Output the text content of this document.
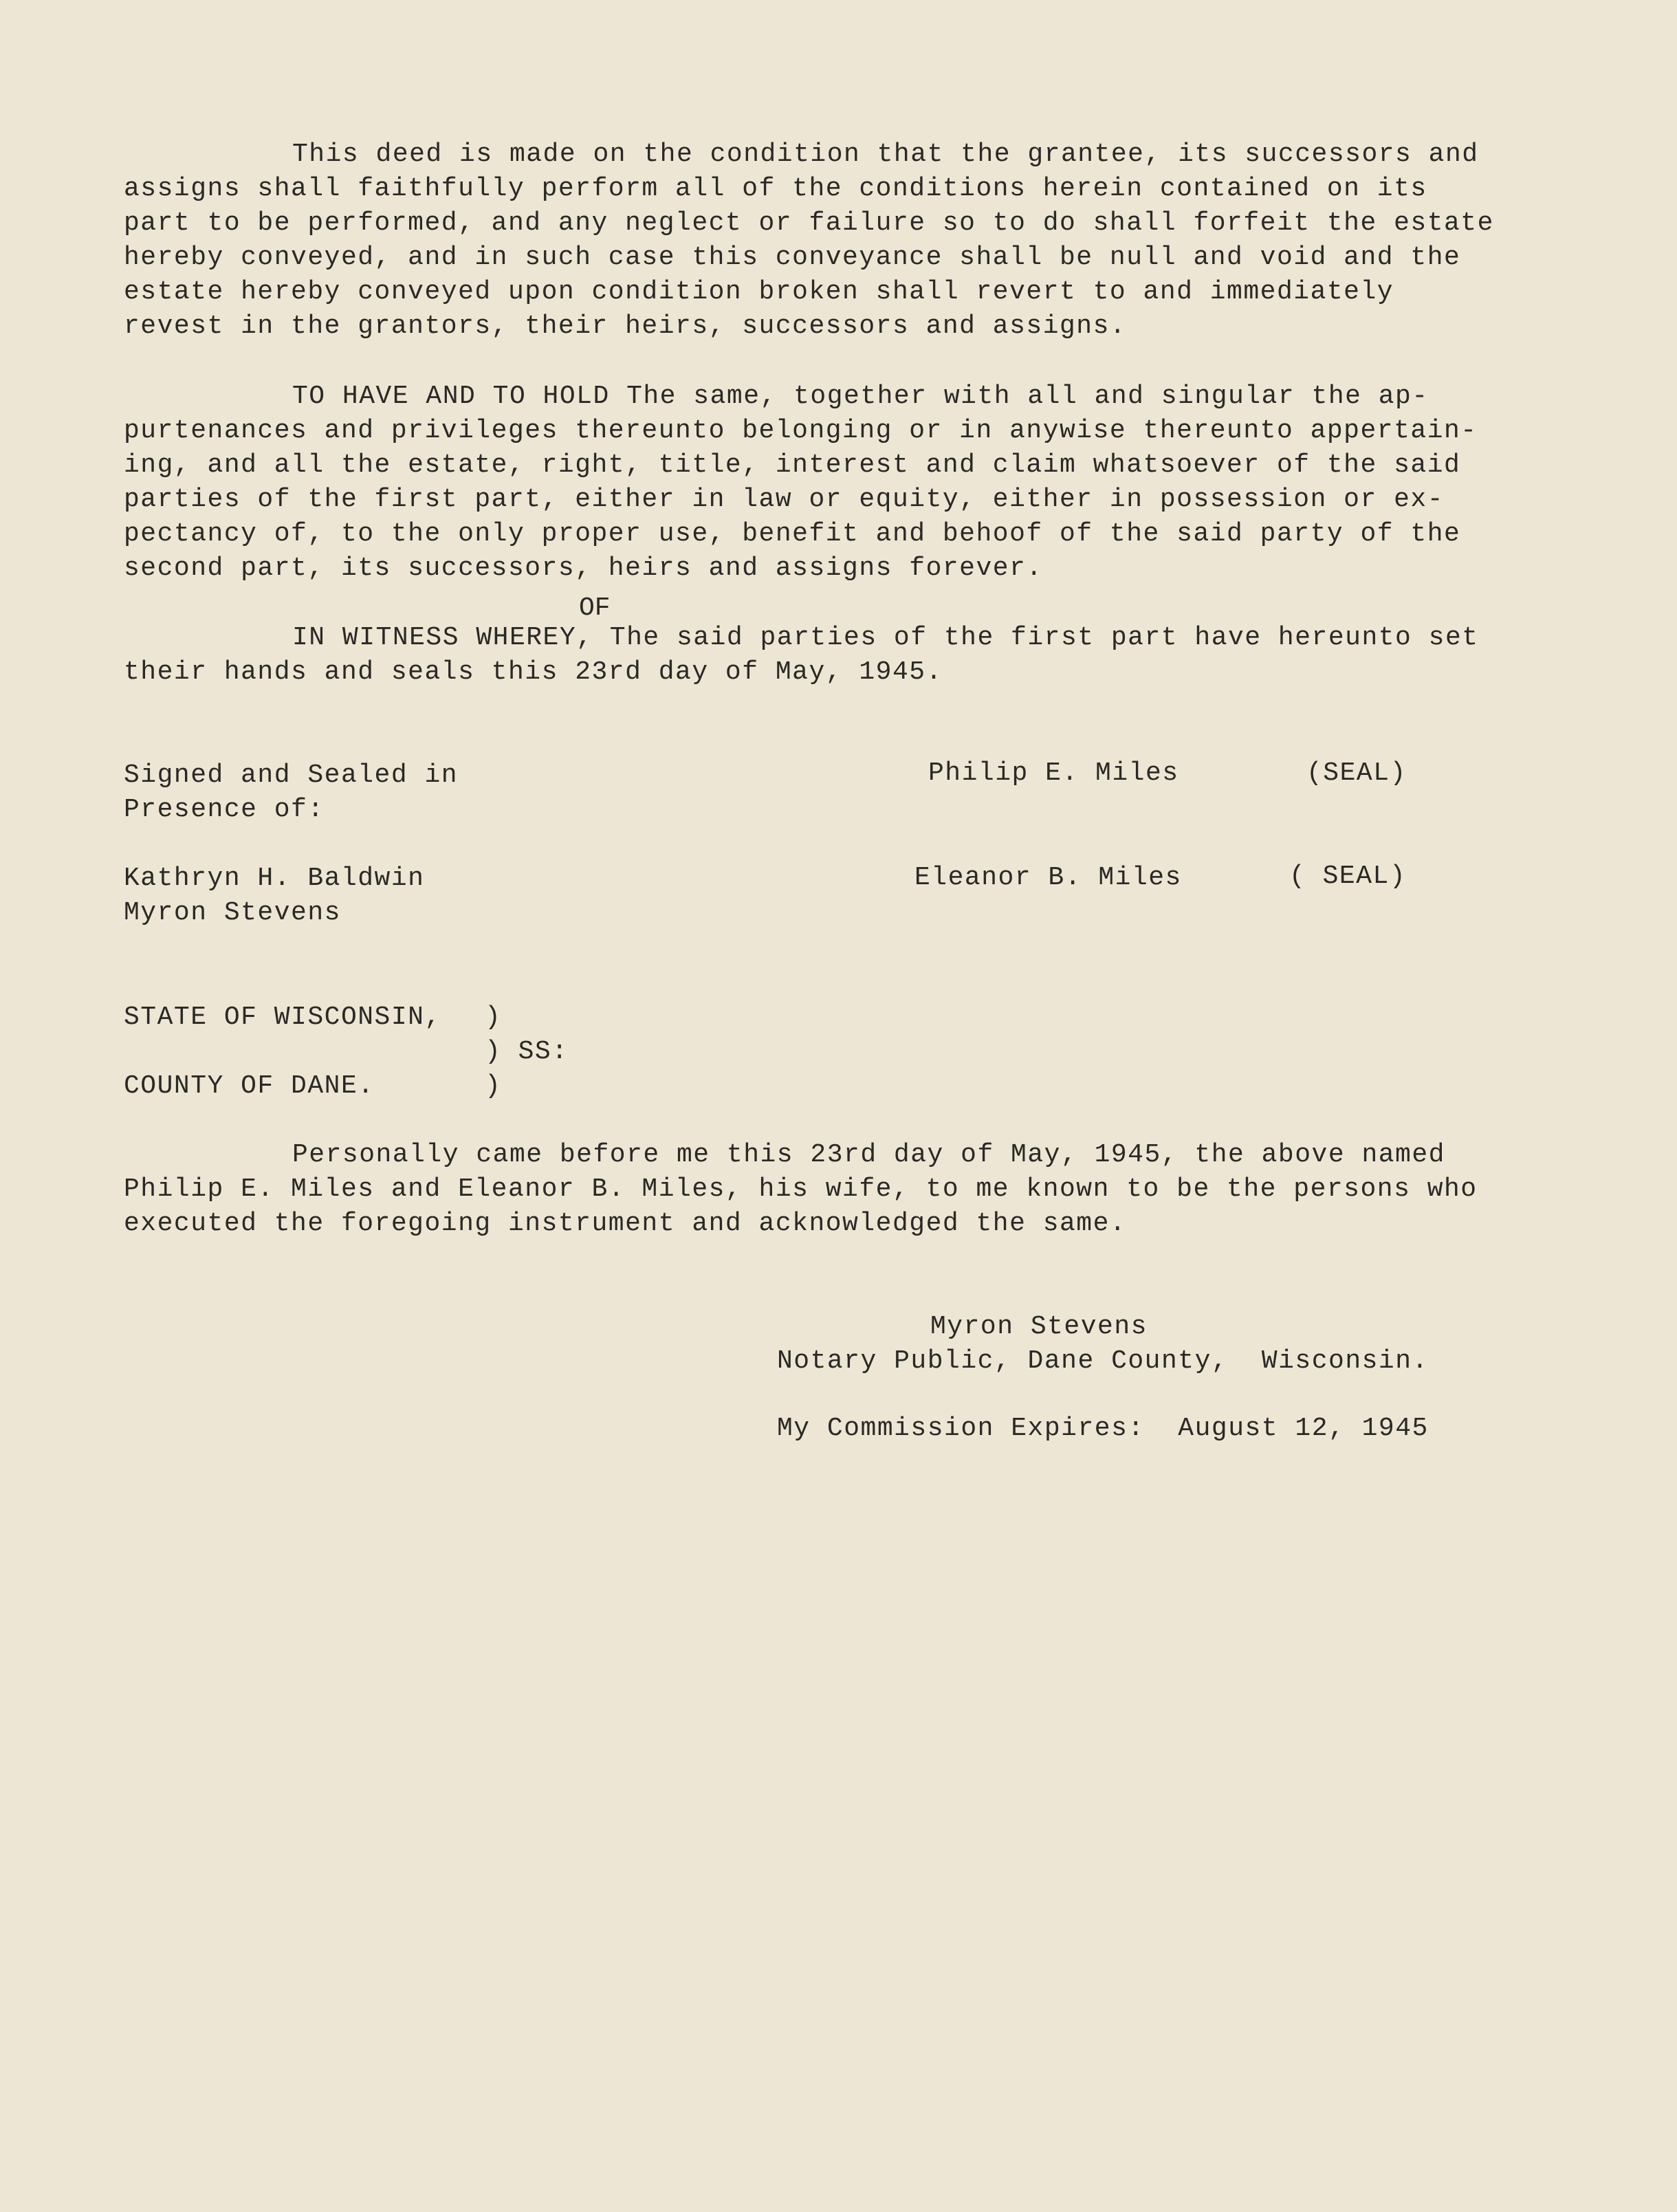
This deed is made on the condition that the grantee, its successors and
assigns shall faithfully perform all of the conditions herein contained on its
part to be performed, and any neglect or failure so to do shall forfeit the estate
hereby conveyed, and in such case this conveyance shall be null and void and the
estate hereby conveyed upon condition broken shall revert to and immediately
revest in the grantors, their heirs, successors and assigns.
TO HAVE AND TO HOLD The same, together with all and singular the ap-
purtenances and privileges thereunto belonging or in anywise thereunto appertain-
ing, and all the estate, right, title, interest and claim whatsoever of the said
parties of the first part, either in law or equity, either in possession or ex-
pectancy of, to the only proper use, benefit and behoof of the said party of the
second part, its successors, heirs and assigns forever.
OF
IN WITNESS WHEREY, The said parties of the first part have hereunto set
their hands and seals this 23rd day of May, 1945.
Signed and Sealed in
Presence of:
Kathryn H. Baldwin
Myron Stevens
Philip E. Miles	(SEAL)
Eleanor B. Miles	( SEAL)
STATE OF WISCONSIN, )
) SS:
COUNTY OF DANE.	)
Personally came before me this 23rd day of May, 1945, the above named
Philip E. Miles and Eleanor B. Miles, his wife, to me known to be the persons who
executed the foregoing instrument and acknowledged the same.
Myron Stevens
Notary Public, Dane County,  Wisconsin.
My Commission Expires:  August 12, 1945
